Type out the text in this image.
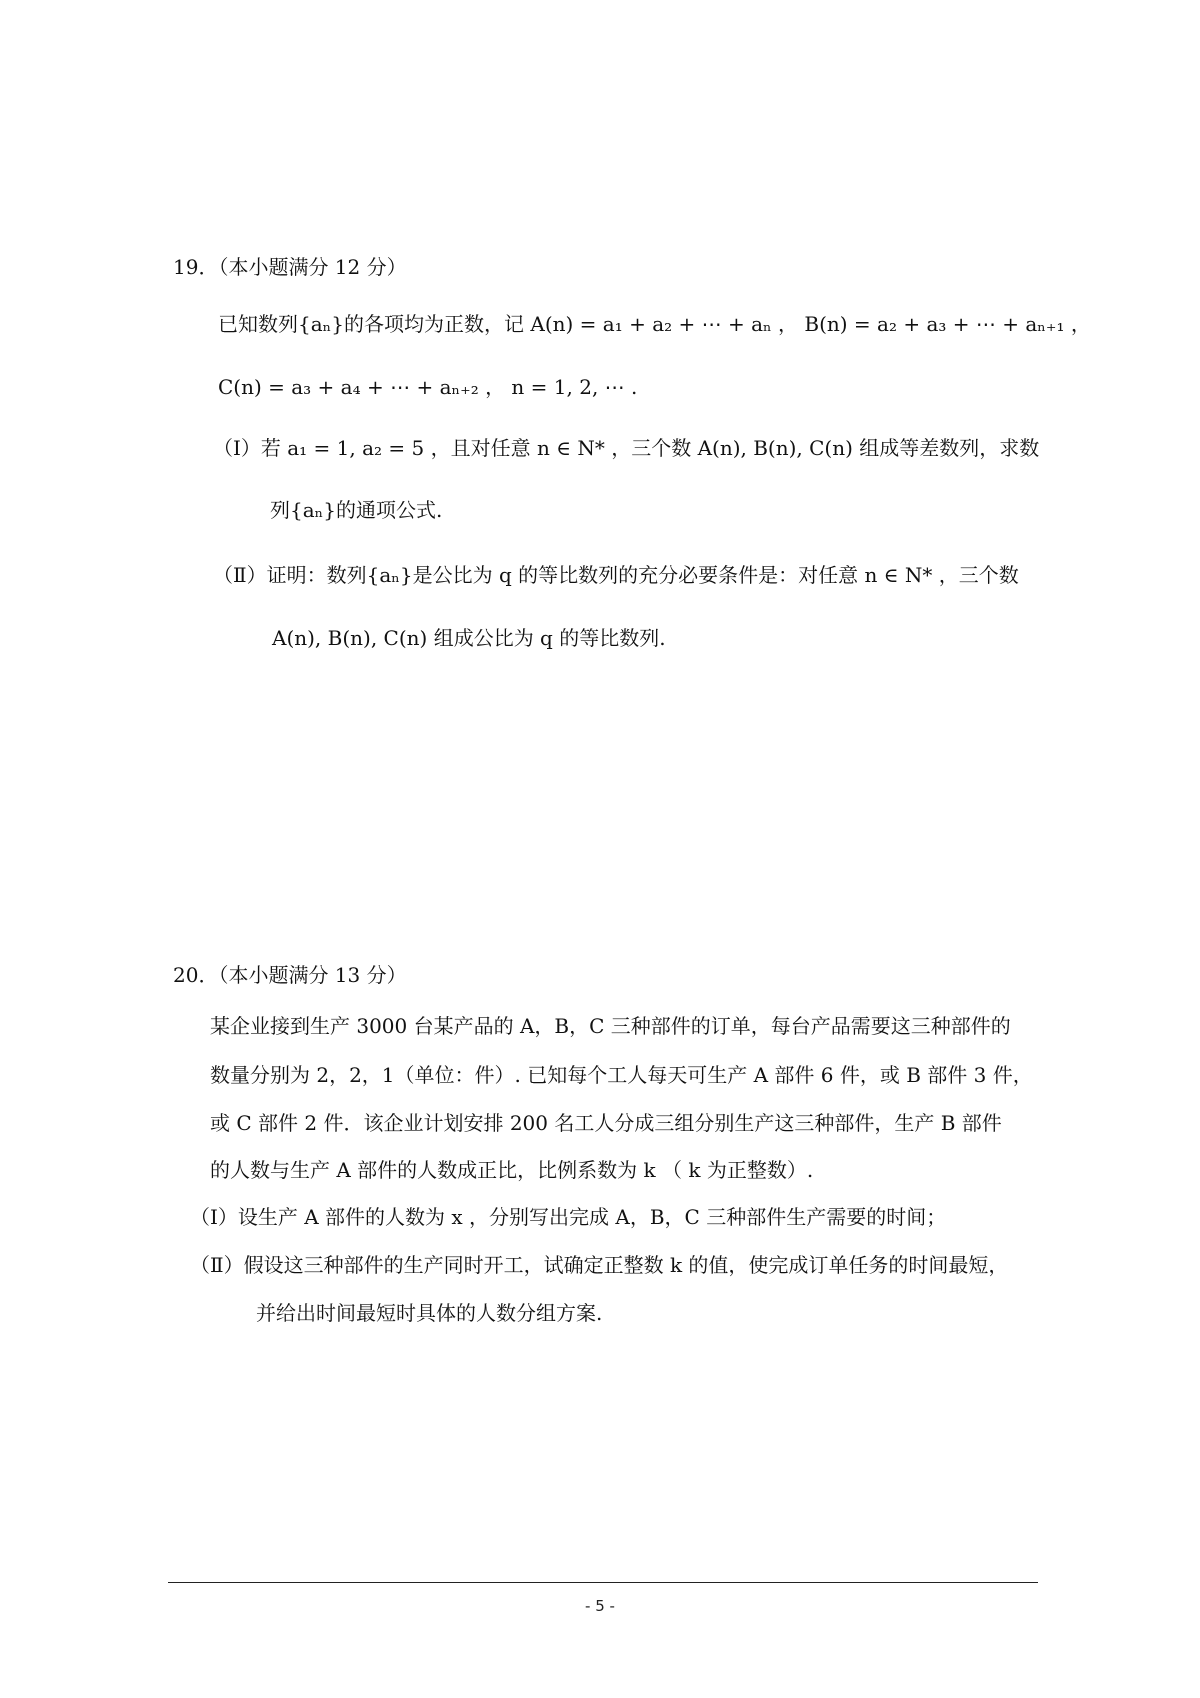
19．（本小题满分 12 分）
已知数列{aₙ}的各项均为正数，记 A(n) = a₁ + a₂ + ⋯ + aₙ ， B(n) = a₂ + a₃ + ⋯ + aₙ₊₁ ，
C(n) = a₃ + a₄ + ⋯ + aₙ₊₂ ， n = 1, 2, ⋯ .
（Ⅰ）若 a₁ = 1, a₂ = 5 ，且对任意 n ∈ N* ，三个数 A(n), B(n), C(n) 组成等差数列，求数
列{aₙ}的通项公式.
（Ⅱ）证明：数列{aₙ}是公比为 q 的等比数列的充分必要条件是：对任意 n ∈ N* ，三个数
A(n), B(n), C(n) 组成公比为 q 的等比数列.
20．（本小题满分 13 分）
某企业接到生产 3000 台某产品的 A，B，C 三种部件的订单，每台产品需要这三种部件的
数量分别为 2，2，1（单位：件）. 已知每个工人每天可生产 A 部件 6 件，或 B 部件 3 件，
或 C 部件 2 件．该企业计划安排 200 名工人分成三组分别生产这三种部件，生产 B 部件
的人数与生产 A 部件的人数成正比，比例系数为 k （ k 为正整数）.
（Ⅰ）设生产 A 部件的人数为 x ，分别写出完成 A，B，C 三种部件生产需要的时间；
（Ⅱ）假设这三种部件的生产同时开工，试确定正整数 k 的值，使完成订单任务的时间最短，
并给出时间最短时具体的人数分组方案.
- 5 -
